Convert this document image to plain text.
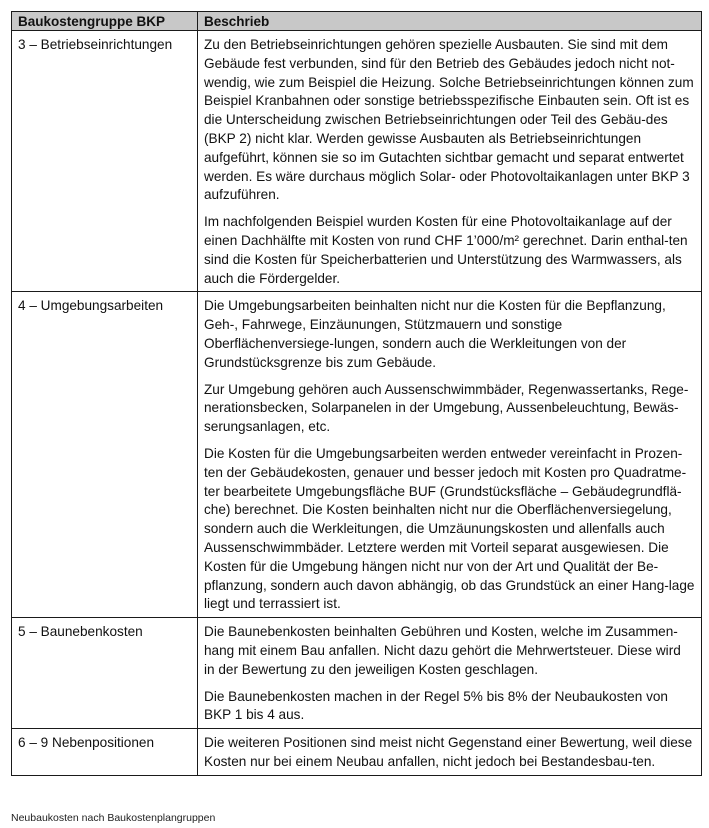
Baukostengruppe BKP	Beschrieb
3 – Betriebseinrichtungen	Zu den Betriebseinrichtungen gehören spezielle Ausbauten. Sie sind mit dem Gebäude fest verbunden, sind für den Betrieb des Gebäudes jedoch nicht not-wendig, wie zum Beispiel die Heizung. Solche Betriebseinrichtungen können zum Beispiel Kranbahnen oder sonstige betriebsspezifische Einbauten sein. Oft ist es die Unterscheidung zwischen Betriebseinrichtungen oder Teil des Gebäu-des (BKP 2) nicht klar. Werden gewisse Ausbauten als Betriebseinrichtungen aufgeführt, können sie so im Gutachten sichtbar gemacht und separat entwertet werden. Es wäre durchaus möglich Solar- oder Photovoltaikanlagen unter BKP 3 aufzuführen.

Im nachfolgenden Beispiel wurden Kosten für eine Photovoltaikanlage auf der einen Dachhälfte mit Kosten von rund CHF 1’000/m² gerechnet. Darin enthal-ten sind die Kosten für Speicherbatterien und Unterstützung des Warmwassers, als auch die Fördergelder.

4 – Umgebungsarbeiten	Die Umgebungsarbeiten beinhalten nicht nur die Kosten für die Bepflanzung, Geh-, Fahrwege, Einzäunungen, Stützmauern und sonstige Oberflächenversiege-lungen, sondern auch die Werkleitungen von der Grundstücksgrenze bis zum Gebäude.

Zur Umgebung gehören auch Aussenschwimmbäder, Regenwassertanks, Rege-nerationsbecken, Solarpanelen in der Umgebung, Aussenbeleuchtung, Bewäs-serungsanlagen, etc.

Die Kosten für die Umgebungsarbeiten werden entweder vereinfacht in Prozen-ten der Gebäudekosten, genauer und besser jedoch mit Kosten pro Quadratme-ter bearbeitete Umgebungsfläche BUF (Grundstücksfläche – Gebäudegrundflä-che) berechnet. Die Kosten beinhalten nicht nur die Oberflächenversiegelung, sondern auch die Werkleitungen, die Umzäunungskosten und allenfalls auch Aussenschwimmbäder. Letztere werden mit Vorteil separat ausgewiesen. Die Kosten für die Umgebung hängen nicht nur von der Art und Qualität der Be-pflanzung, sondern auch davon abhängig, ob das Grundstück an einer Hang-lage liegt und terrassiert ist.

5 – Baunebenkosten	Die Baunebenkosten beinhalten Gebühren und Kosten, welche im Zusammen-hang mit einem Bau anfallen. Nicht dazu gehört die Mehrwertsteuer. Diese wird in der Bewertung zu den jeweiligen Kosten geschlagen.

Die Baunebenkosten machen in der Regel 5% bis 8% der Neubaukosten von BKP 1 bis 4 aus.

6 – 9 Nebenpositionen	Die weiteren Positionen sind meist nicht Gegenstand einer Bewertung, weil diese Kosten nur bei einem Neubau anfallen, nicht jedoch bei Bestandesbau-ten.

Neubaukosten nach Baukostenplangruppen
